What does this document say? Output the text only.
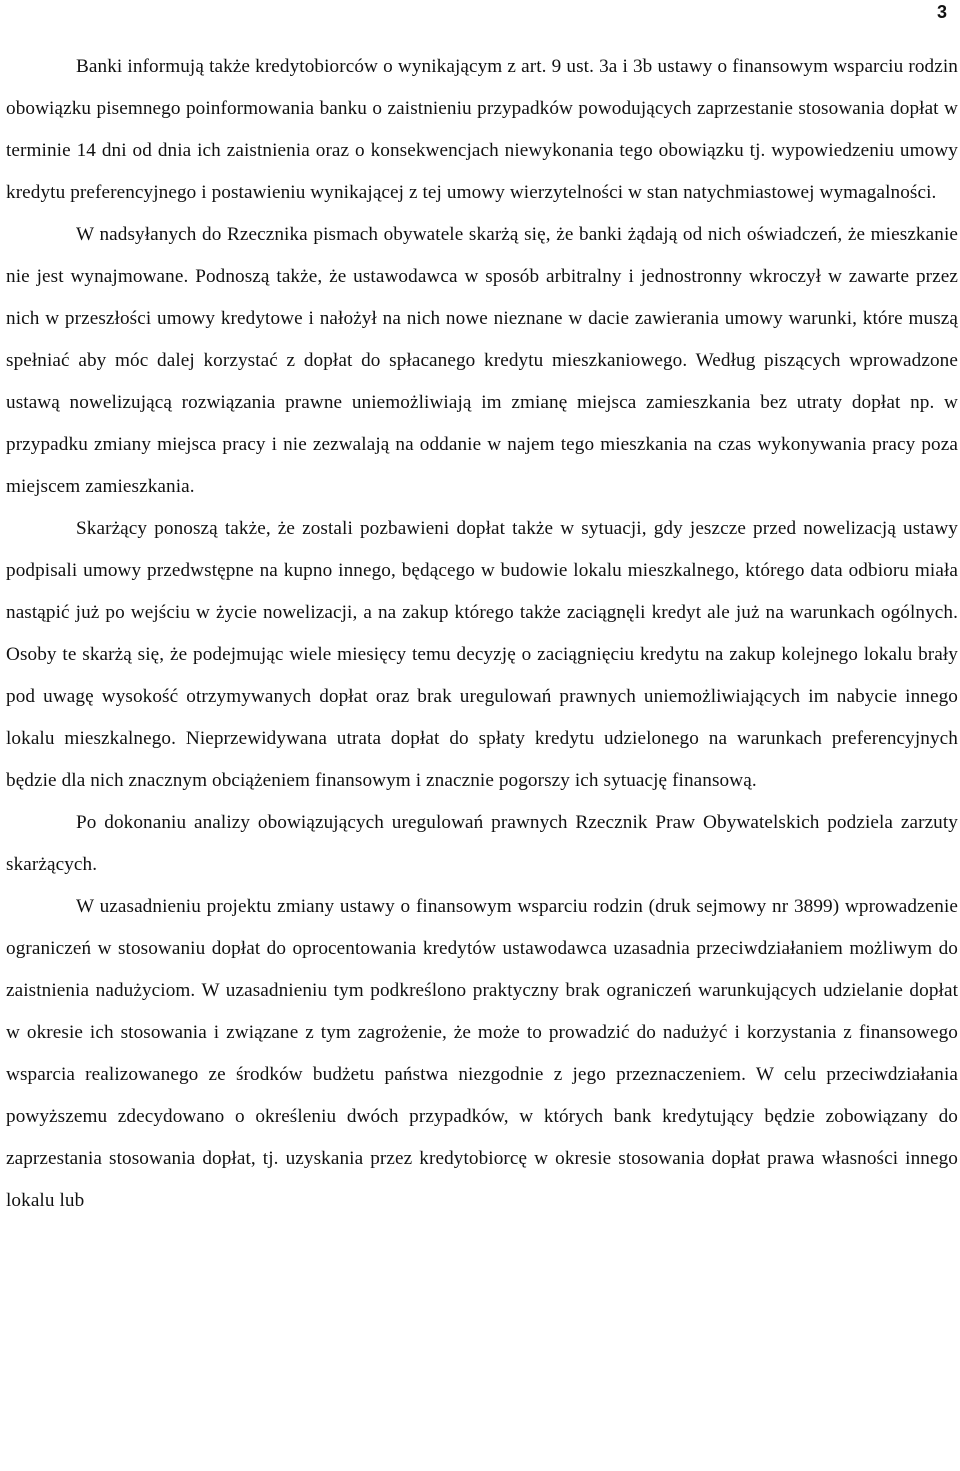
3

Banki informują także kredytobiorców o wynikającym z art. 9 ust. 3a i 3b ustawy o finansowym wsparciu rodzin obowiązku pisemnego poinformowania banku o zaistnieniu przypadków powodujących zaprzestanie stosowania dopłat w terminie 14 dni od dnia ich zaistnienia oraz o konsekwencjach niewykonania tego obowiązku tj. wypowiedzeniu umowy kredytu preferencyjnego i postawieniu wynikającej z tej umowy wierzytelności w stan natychmiastowej wymagalności.

W nadsyłanych do Rzecznika pismach obywatele skarżą się, że banki żądają od nich oświadczeń, że mieszkanie nie jest wynajmowane. Podnoszą także, że ustawodawca w sposób arbitralny i jednostronny wkroczył w zawarte przez nich w przeszłości umowy kredytowe i nałożył na nich nowe nieznane w dacie zawierania umowy warunki, które muszą spełniać aby móc dalej korzystać z dopłat do spłacanego kredytu mieszkaniowego. Według piszących wprowadzone ustawą nowelizującą rozwiązania prawne uniemożliwiają im zmianę miejsca zamieszkania bez utraty dopłat np. w przypadku zmiany miejsca pracy i nie zezwalają na oddanie w najem tego mieszkania na czas wykonywania pracy poza miejscem zamieszkania.

Skarżący ponoszą także, że zostali pozbawieni dopłat także w sytuacji, gdy jeszcze przed nowelizacją ustawy podpisali umowy przedwstępne na kupno innego, będącego w budowie lokalu mieszkalnego, którego data odbioru miała nastąpić już po wejściu w życie nowelizacji, a na zakup którego także zaciągnęli kredyt ale już na warunkach ogólnych. Osoby te skarżą się, że podejmując wiele miesięcy temu decyzję o zaciągnięciu kredytu na zakup kolejnego lokalu brały pod uwagę wysokość otrzymywanych dopłat oraz brak uregulowań prawnych uniemożliwiających im nabycie innego lokalu mieszkalnego. Nieprzewidywana utrata dopłat do spłaty kredytu udzielonego na warunkach preferencyjnych będzie dla nich znacznym obciążeniem finansowym i znacznie pogorszy ich sytuację finansową.

Po dokonaniu analizy obowiązujących uregulowań prawnych Rzecznik Praw Obywatelskich podziela zarzuty skarżących.

W uzasadnieniu projektu zmiany ustawy o finansowym wsparciu rodzin (druk sejmowy nr 3899) wprowadzenie ograniczeń w stosowaniu dopłat do oprocentowania kredytów ustawodawca uzasadnia przeciwdziałaniem możliwym do zaistnienia nadużyciom. W uzasadnieniu tym podkreślono praktyczny brak ograniczeń warunkujących udzielanie dopłat w okresie ich stosowania i związane z tym zagrożenie, że może to prowadzić do nadużyć i korzystania z finansowego wsparcia realizowanego ze środków budżetu państwa niezgodnie z jego przeznaczeniem. W celu przeciwdziałania powyższemu zdecydowano o określeniu dwóch przypadków, w których bank kredytujący będzie zobowiązany do zaprzestania stosowania dopłat, tj. uzyskania przez kredytobiorcę w okresie stosowania dopłat prawa własności innego lokalu lub
